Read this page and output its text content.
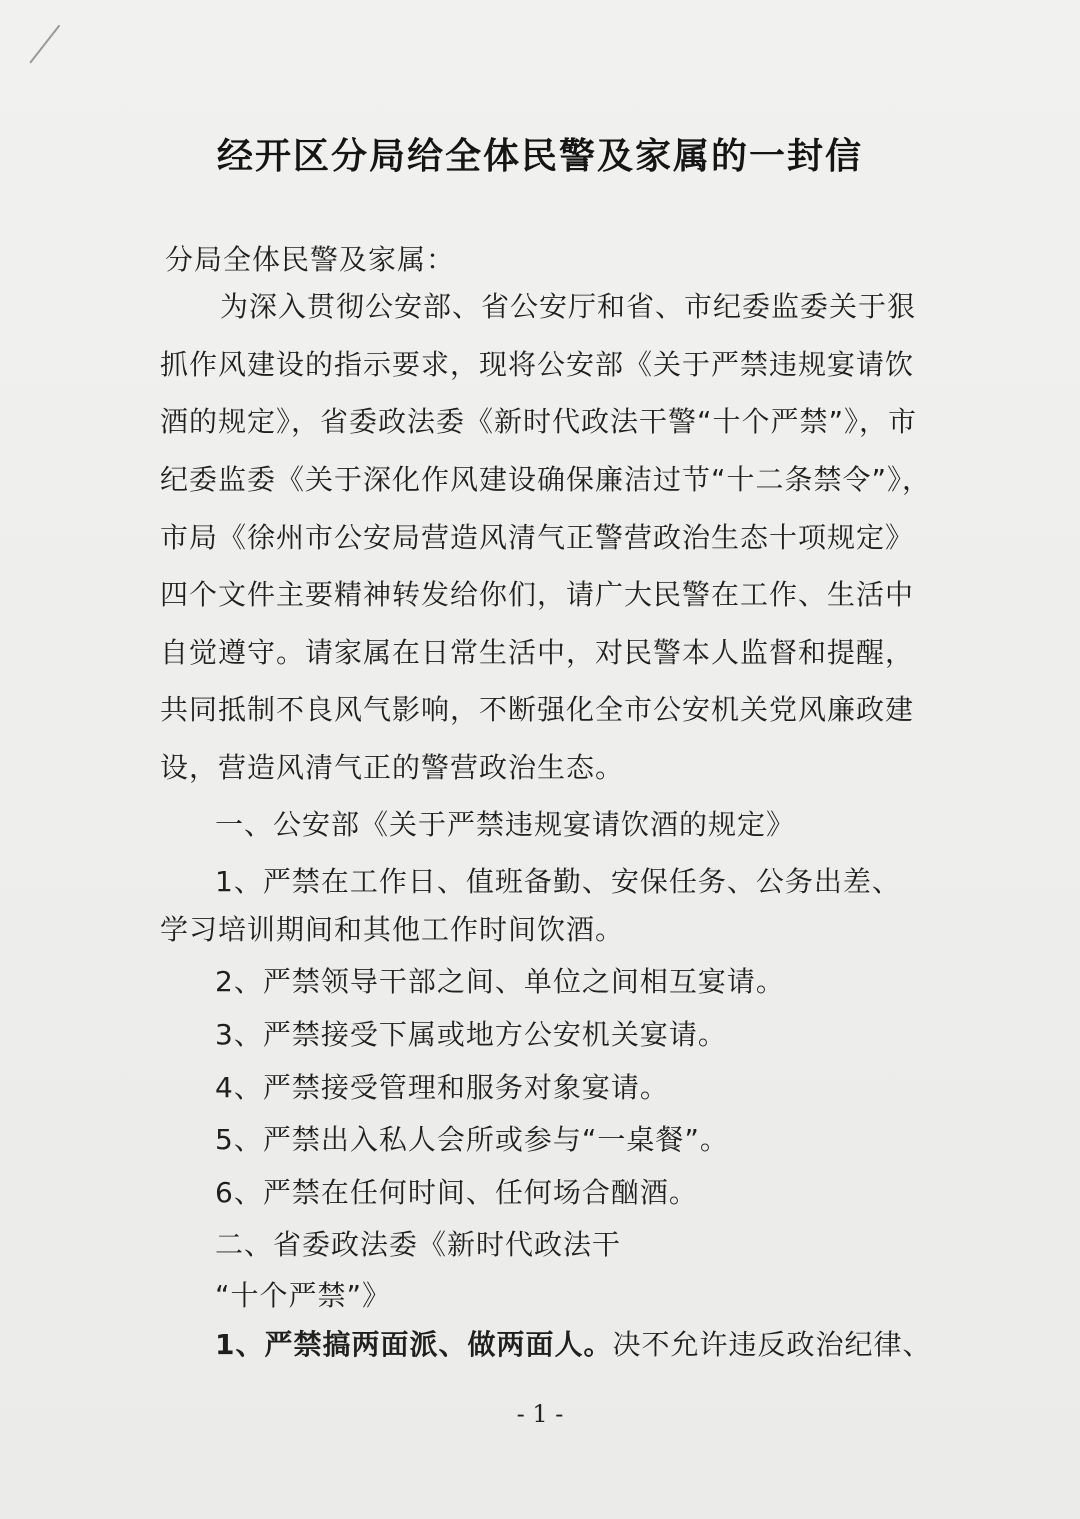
经开区分局给全体民警及家属的一封信
分局全体民警及家属：
为深入贯彻公安部、省公安厅和省、市纪委监委关于狠
抓作风建设的指示要求，现将公安部《关于严禁违规宴请饮
酒的规定》，省委政法委《新时代政法干警“十个严禁”》，市
纪委监委《关于深化作风建设确保廉洁过节“十二条禁令”》，
市局《徐州市公安局营造风清气正警营政治生态十项规定》
四个文件主要精神转发给你们，请广大民警在工作、生活中
自觉遵守。请家属在日常生活中，对民警本人监督和提醒，
共同抵制不良风气影响，不断强化全市公安机关党风廉政建
设，营造风清气正的警营政治生态。
一、公安部《关于严禁违规宴请饮酒的规定》
1、严禁在工作日、值班备勤、安保任务、公务出差、
学习培训期间和其他工作时间饮酒。
2、严禁领导干部之间、单位之间相互宴请。
3、严禁接受下属或地方公安机关宴请。
4、严禁接受管理和服务对象宴请。
5、严禁出入私人会所或参与“一桌餐”。
6、严禁在任何时间、任何场合酗酒。
二、省委政法委《新时代政法干
“十个严禁”》
1、严禁搞两面派、做两面人。决不允许违反政治纪律、
- 1 -
